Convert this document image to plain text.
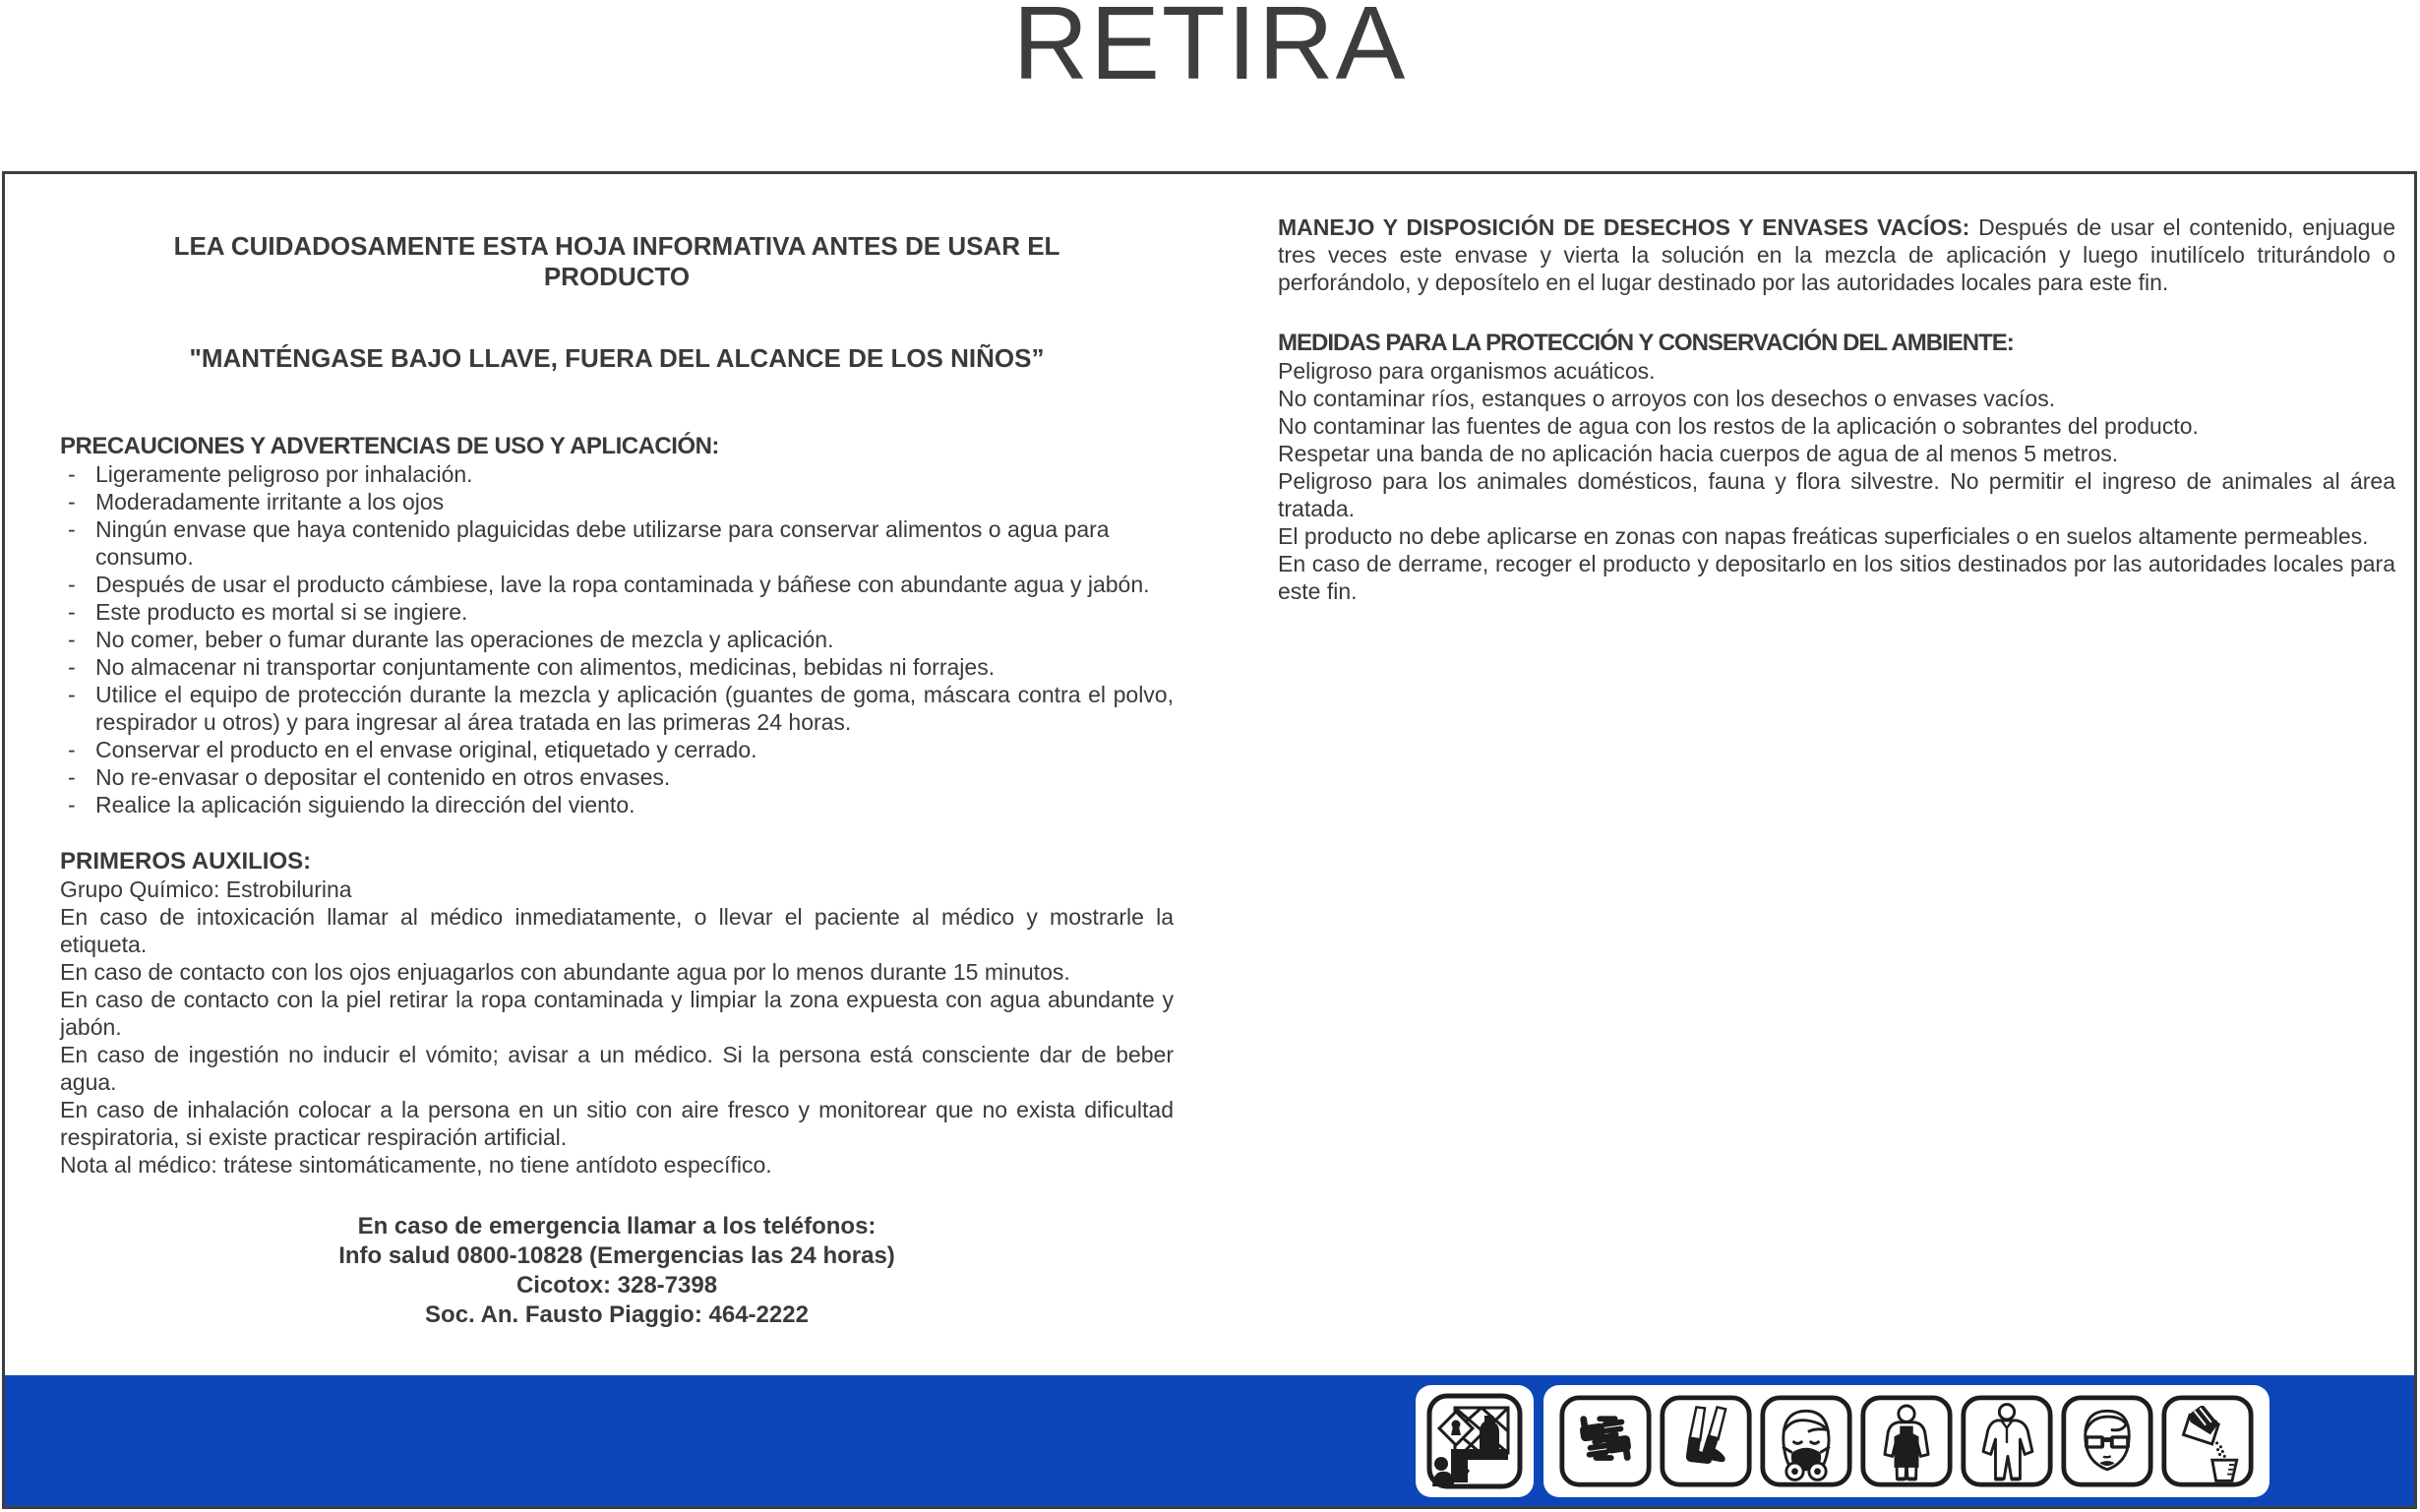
RETIRA

LEA CUIDADOSAMENTE ESTA HOJA INFORMATIVA ANTES DE USAR EL PRODUCTO

"MANTÉNGASE BAJO LLAVE, FUERA DEL ALCANCE DE LOS NIÑOS”

PRECAUCIONES Y ADVERTENCIAS DE USO Y APLICACIÓN:

- Ligeramente peligroso por inhalación.
- Moderadamente irritante a los ojos
- Ningún envase que haya contenido plaguicidas debe utilizarse para conservar alimentos o agua para consumo.
- Después de usar el producto cámbiese, lave la ropa contaminada y báñese con abundante agua y jabón.
- Este producto es mortal si se ingiere.
- No comer, beber o fumar durante las operaciones de mezcla y aplicación.
- No almacenar ni transportar conjuntamente con alimentos, medicinas, bebidas ni forrajes.
- Utilice el equipo de protección durante la mezcla y aplicación (guantes de goma, máscara contra el polvo, respirador u otros) y para ingresar al área tratada en las primeras 24 horas.
- Conservar el producto en el envase original, etiquetado y cerrado.
- No re-envasar o depositar el contenido en otros envases.
- Realice la aplicación siguiendo la dirección del viento.

PRIMEROS AUXILIOS:

Grupo Químico: Estrobilurina

En caso de intoxicación llamar al médico inmediatamente, o llevar el paciente al médico y mostrarle la etiqueta.

En caso de contacto con los ojos enjuagarlos con abundante agua por lo menos durante 15 minutos.

En caso de contacto con la piel retirar la ropa contaminada y limpiar la zona expuesta con agua abundante y jabón.

En caso de ingestión no inducir el vómito; avisar a un médico. Si la persona está consciente dar de beber agua.

En caso de inhalación colocar a la persona en un sitio con aire fresco y monitorear que no exista dificultad respiratoria, si existe practicar respiración artificial.

Nota al médico: trátese sintomáticamente, no tiene antídoto específico.

En caso de emergencia llamar a los teléfonos:

Info salud 0800-10828 (Emergencias las 24 horas)

Cicotox: 328-7398

Soc. An. Fausto Piaggio: 464-2222

MANEJO Y DISPOSICIÓN DE DESECHOS Y ENVASES VACÍOS: Después de usar el contenido, enjuague tres veces este envase y vierta la solución en la mezcla de aplicación y luego inutilícelo triturándolo o perforándolo, y deposítelo en el lugar destinado por las autoridades locales para este fin.

MEDIDAS PARA LA PROTECCIÓN Y CONSERVACIÓN DEL AMBIENTE:

Peligroso para organismos acuáticos.

No contaminar ríos, estanques o arroyos con los desechos o envases vacíos.

No contaminar las fuentes de agua con los restos de la aplicación o sobrantes del producto.

Respetar una banda de no aplicación hacia cuerpos de agua de al menos 5 metros.

Peligroso para los animales domésticos, fauna y flora silvestre. No permitir el ingreso de animales al área tratada.

El producto no debe aplicarse en zonas con napas freáticas superficiales o en suelos altamente permeables.

En caso de derrame, recoger el producto y depositarlo en los sitios destinados por las autoridades locales para este fin.
